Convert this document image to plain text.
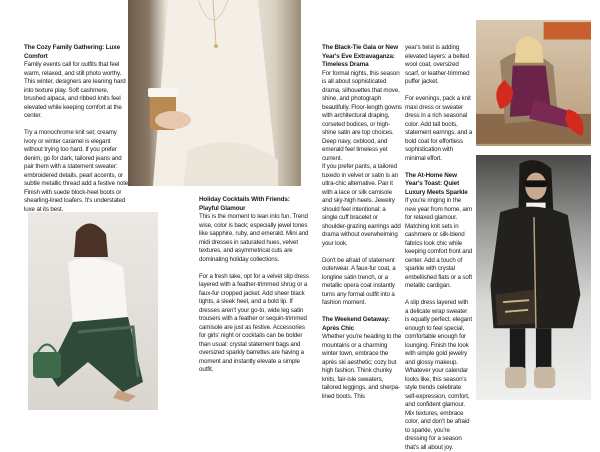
The Cozy Family Gathering: Luxe Comfort

Family events call for outfits that feel warm, relaxed, and still photo worthy. This winter, designers are leaning hard into texture play. Soft cashmere, brushed alpaca, and ribbed knits feel elevated while keeping comfort at the center.

Try a monochrome knit set; creamy ivory or winter caramel is elegant without trying too hard. If you prefer denim, go for dark, tailored jeans and pair them with a statement sweater: embroidered details, pearl accents, or subtle metallic thread add a festive note. Finish with suede block-heel boots or shearling-lined loafers. It's understated luxe at its best.

Holiday Cocktails With Friends: Playful Glamour

This is the moment to lean into fun. Trend wise, color is back; especially jewel tones like sapphire, ruby, and emerald. Mini and midi dresses in saturated hues, velvet textures, and asymmetrical cuts are dominating holiday collections.

For a fresh take, opt for a velvet slip dress layered with a feather-trimmed shrug or a faux-fur cropped jacket. Add sheer black tights, a sleek heel, and a bold lip. If dresses aren't your go-to, wide leg satin trousers with a feather or sequin-trimmed camisole are just as festive. Accessories for girls' night or cocktails can be bolder than usual: crystal statement bags and oversized sparkly barrettes are having a moment and instantly elevate a simple outfit.

The Black-Tie Gala or New Year's Eve Extravaganza: Timeless Drama

For formal nights, this season is all about sophisticated drama, silhouettes that move, shine, and photograph beautifully. Floor-length gowns with architectural draping, corseted bodices, or high-shine satin are top choices. Deep navy, oxblood, and emerald feel timeless yet current.

If you prefer pants, a tailored tuxedo in velvet or satin is an ultra-chic alternative. Pair it with a lace or silk camisole and sky-high heels. Jewelry should feel intentional: a single cuff bracelet or shoulder-grazing earrings add drama without overwhelming your look.

Don't be afraid of statement outerwear. A faux-fur coat, a longline satin trench, or a metallic opera coat instantly turns any formal outfit into a fashion moment.

The Weekend Getaway: Après Chic

Whether you're heading to the mountains or a charming winter town, embrace the après ski aesthetic; cozy but high fashion. Think chunky knits, fair-isle sweaters, tailored leggings, and sherpa-lined boots. This

year's twist is adding elevated layers: a belted wool coat, oversized scarf, or leather-trimmed puffer jacket.

For evenings, pack a knit maxi dress or sweater dress in a rich seasonal color. Add tall boots, statement earrings, and a bold coat for effortless sophistication with minimal effort.

The At-Home New Year's Toast: Quiet Luxury Meets Sparkle

If you're ringing in the new year from home, aim for relaxed glamour. Matching knit sets in cashmere or silk-blend fabrics look chic while keeping comfort front and center. Add a touch of sparkle with crystal embellished flats or a soft metallic cardigan.

A slip dress layered with a delicate wrap sweater is equally perfect, elegant enough to feel special, comfortable enough for lounging. Finish the look with simple gold jewelry and glossy makeup. Whatever your calendar looks like, this season's style trends celebrate self-expression, comfort, and confident glamour. Mix textures, embrace color, and don't be afraid to sparkle, you're dressing for a season that's all about joy.
